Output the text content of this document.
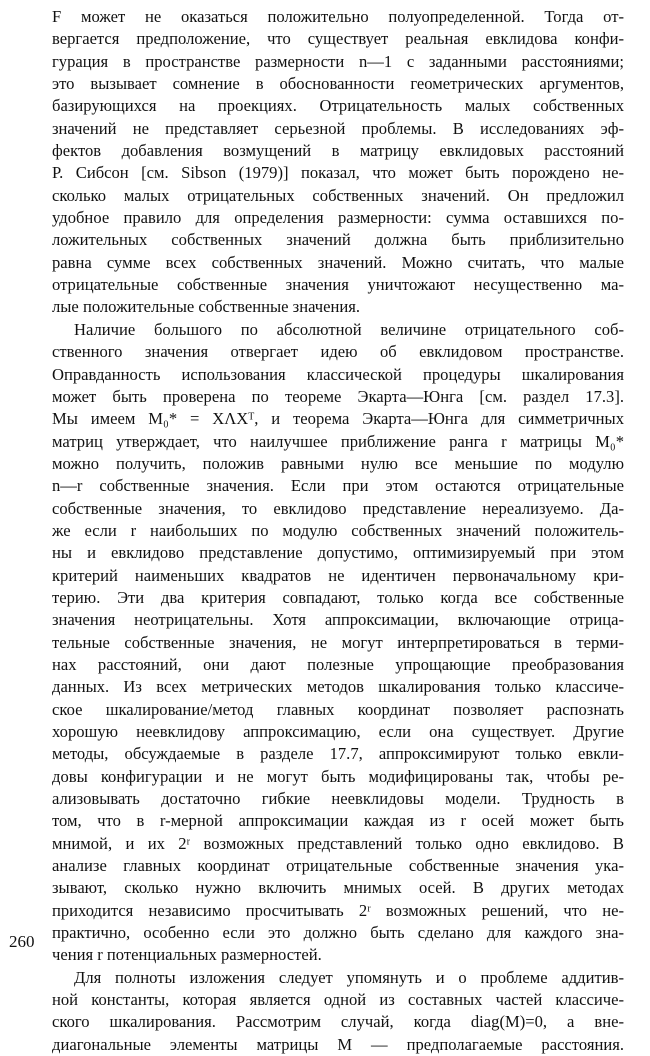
F может не оказаться положительно полуопределенной. Тогда от-
вергается предположение, что существует реальная евклидова конфи-
гурация в пространстве размерности n—1 с заданными расстояниями;
это вызывает сомнение в обоснованности геометрических аргументов,
базирующихся на проекциях. Отрицательность малых собственных
значений не представляет серьезной проблемы. В исследованиях эф-
фектов добавления возмущений в матрицу евклидовых расстояний
Р. Сибсон [см. Sibson (1979)] показал, что может быть порождено не-
сколько малых отрицательных собственных значений. Он предложил
удобное правило для определения размерности: сумма оставшихся по-
ложительных собственных значений должна быть приблизительно
равна сумме всех собственных значений. Можно считать, что малые
отрицательные собственные значения уничтожают несущественно ма-
лые положительные собственные значения.
Наличие большого по абсолютной величине отрицательного соб-
ственного значения отвергает идею об евклидовом пространстве.
Оправданность использования классической процедуры шкалирования
может быть проверена по теореме Экарта—Юнга [см. раздел 17.3].
Мы имеем M₀* = XΛXᵀ, и теорема Экарта—Юнга для симметричных
матриц утверждает, что наилучшее приближение ранга r матрицы M₀*
можно получить, положив равными нулю все меньшие по модулю
n—r собственные значения. Если при этом остаются отрицательные
собственные значения, то евклидово представление нереализуемо. Да-
же если r наибольших по модулю собственных значений положитель-
ны и евклидово представление допустимо, оптимизируемый при этом
критерий наименьших квадратов не идентичен первоначальному кри-
терию. Эти два критерия совпадают, только когда все собственные
значения неотрицательны. Хотя аппроксимации, включающие отрица-
тельные собственные значения, не могут интерпретироваться в терми-
нах расстояний, они дают полезные упрощающие преобразования
данных. Из всех метрических методов шкалирования только классиче-
ское шкалирование/метод главных координат позволяет распознать
хорошую неевклидову аппроксимацию, если она существует. Другие
методы, обсуждаемые в разделе 17.7, аппроксимируют только евкли-
довы конфигурации и не могут быть модифицированы так, чтобы ре-
ализовывать достаточно гибкие неевклидовы модели. Трудность в
том, что в r-мерной аппроксимации каждая из r осей может быть
мнимой, и их 2ʳ возможных представлений только одно евклидово. В
анализе главных координат отрицательные собственные значения ука-
зывают, сколько нужно включить мнимых осей. В других методах
приходится независимо просчитывать 2ʳ возможных решений, что не-
практично, особенно если это должно быть сделано для каждого зна-
чения r потенциальных размерностей.
Для полноты изложения следует упомянуть и о проблеме аддитив-
ной константы, которая является одной из составных частей классиче-
ского шкалирования. Рассмотрим случай, когда diag(M)=0, а вне-
диагональные элементы матрицы M — предполагаемые расстояния.
260
